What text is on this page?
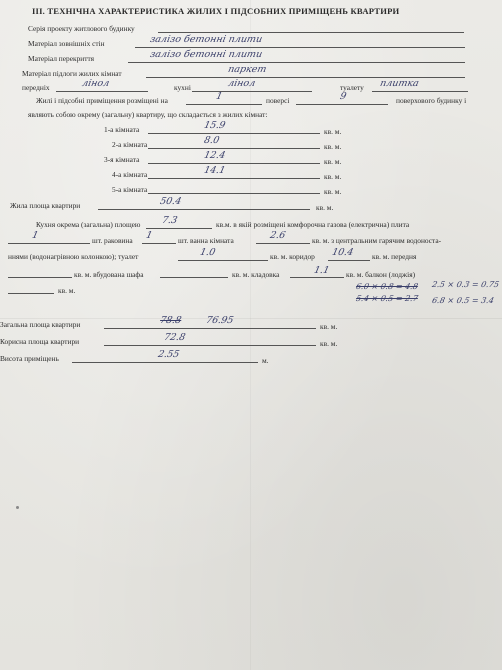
ІІІ. ТЕХНІЧНА ХАРАКТЕРИСТИКА ЖИЛИХ І ПІДСОБНИХ ПРИМІЩЕНЬ КВАРТИРИ
Серія проекту житлового будинку
Матеріал зовнішніх стін	залізо бетонні плити
Матеріал перекриття	залізо бетонні плити
Матеріал підлоги жилих кімнат	паркет
передніх	лінол	кухні	лінол	туалету плитка
Жилі і підсобні приміщення розміщені на	1	поверсі	9	поверхового будинку і
являють собою окрему (загальну) квартиру, що складається з жилих кімнат:
1-а кімната	15.9
кв. м.
2-а кімната	8.0
кв. м.
3-я кімната	12.4
кв. м.
4-а кімната	14.1
кв. м.
5-а кімната	кв. м.
Жила площа квартири	50.4
кв. м.
Кухня окрема (загальна) площею 7.3	кв.м. в якій розміщені комфорочна газова (електрична) плита
1	шт. раковина 1	шт. ванна кімната	2.6	кв. м. з центральним гарячим водоноста-
ннями (водонагрівною колонкою); туалет	1.0	кв. м. коридор 10.4 кв. м. передня
кв. м. вбудована шафа	кв. м. кладовка	1.1 кв. м. балкон (лоджія)
кв. м.	6.0 × 0.8 = 4.8
5.4 × 0.5 = 2.7
2.5 × 0.3 = 0.75
6.8 × 0.5 = 3.4
Загальна площа квартири	78.8 76.95
кв. м.
Корисна площа квартири	72.8
кв. м.
Висота приміщень	2.55
м.
